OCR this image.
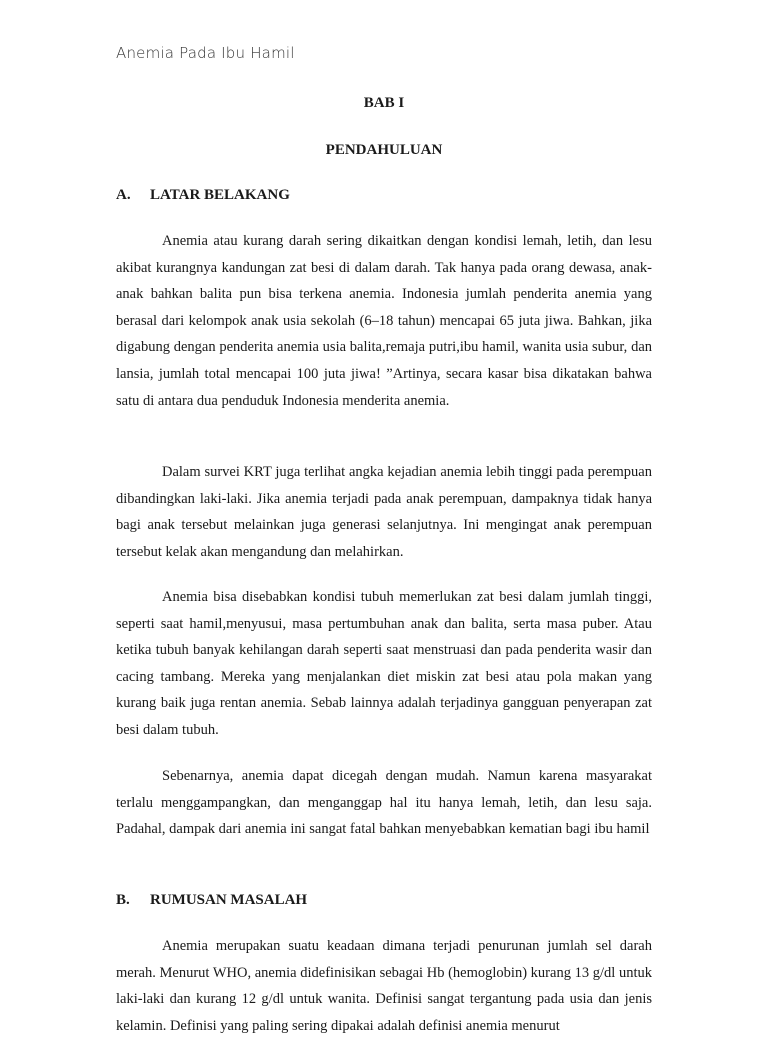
Anemia Pada Ibu Hamil
BAB I
PENDAHULUAN
A. LATAR BELAKANG

Anemia atau kurang darah sering dikaitkan dengan kondisi lemah, letih, dan lesu akibat kurangnya kandungan zat besi di dalam darah. Tak hanya pada orang dewasa, anak-anak bahkan balita pun bisa terkena anemia. Indonesia jumlah penderita anemia yang berasal dari kelompok anak usia sekolah (6–18 tahun) mencapai 65 juta jiwa. Bahkan, jika digabung dengan penderita anemia usia balita,remaja putri,ibu hamil, wanita usia subur, dan lansia, jumlah total mencapai 100 juta jiwa! ”Artinya, secara kasar bisa dikatakan bahwa satu di antara dua penduduk Indonesia menderita anemia.

Dalam survei KRT juga terlihat angka kejadian anemia lebih tinggi pada perempuan dibandingkan laki-laki. Jika anemia terjadi pada anak perempuan, dampaknya tidak hanya bagi anak tersebut melainkan juga generasi selanjutnya. Ini mengingat anak perempuan tersebut kelak akan mengandung dan melahirkan.

Anemia bisa disebabkan kondisi tubuh memerlukan zat besi dalam jumlah tinggi, seperti saat hamil,menyusui, masa pertumbuhan anak dan balita, serta masa puber. Atau ketika tubuh banyak kehilangan darah seperti saat menstruasi dan pada penderita wasir dan cacing tambang. Mereka yang menjalankan diet miskin zat besi atau pola makan yang kurang baik juga rentan anemia. Sebab lainnya adalah terjadinya gangguan penyerapan zat besi dalam tubuh.

Sebenarnya, anemia dapat dicegah dengan mudah. Namun karena masyarakat terlalu menggampangkan, dan menganggap hal itu hanya lemah, letih, dan lesu saja. Padahal, dampak dari anemia ini sangat fatal bahkan menyebabkan kematian bagi ibu hamil

B. RUMUSAN MASALAH

Anemia merupakan suatu keadaan dimana terjadi penurunan jumlah sel darah merah. Menurut WHO, anemia didefinisikan sebagai Hb (hemoglobin) kurang 13 g/dl untuk laki-laki dan kurang 12 g/dl untuk wanita. Definisi sangat tergantung pada usia dan jenis kelamin. Definisi yang paling sering dipakai adalah definisi anemia menurut
